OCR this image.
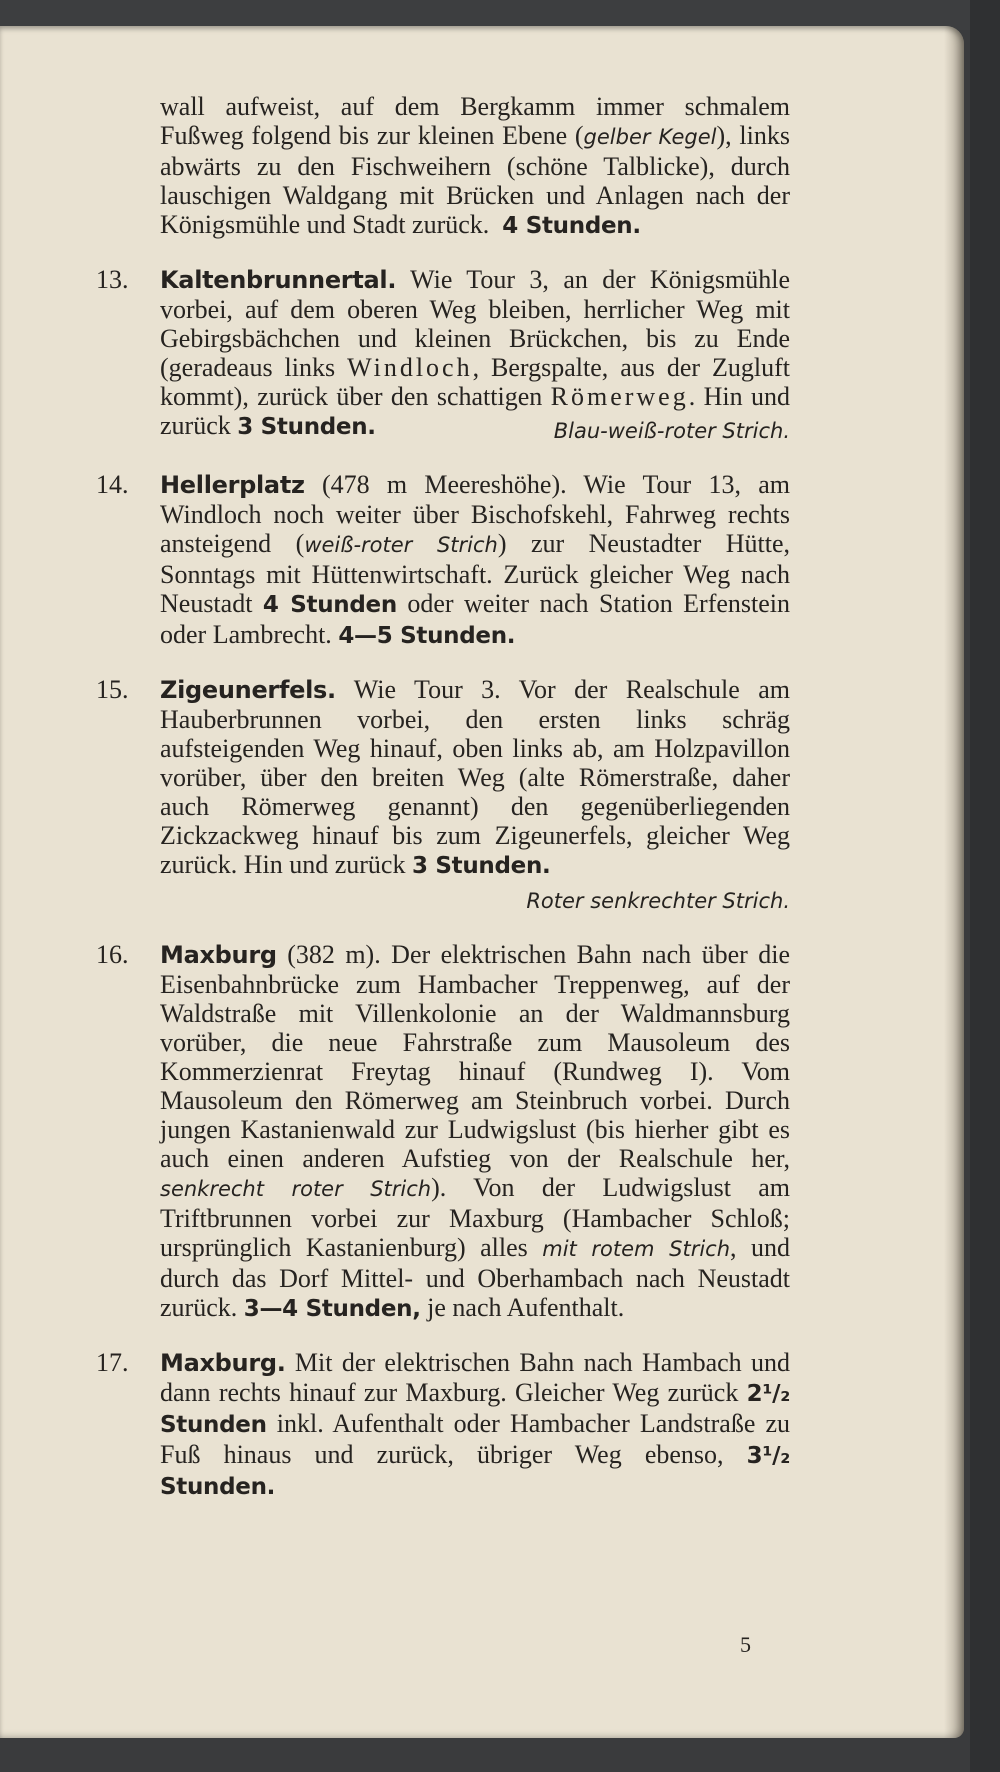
wall aufweist, auf dem Bergkamm immer schmalem Fußweg folgend bis zur kleinen Ebene (gelber Kegel), links abwärts zu den Fischweihern (schöne Talblicke), durch lauschigen Waldgang mit Brücken und Anlagen nach der Königsmühle und Stadt zurück. 4 Stunden.

13. Kaltenbrunnertal. Wie Tour 3, an der Königsmühle vorbei, auf dem oberen Weg bleiben, herrlicher Weg mit Gebirgsbächchen und kleinen Brückchen, bis zu Ende (geradeaus links Windloch, Bergspalte, aus der Zugluft kommt), zurück über den schattigen Römerweg. Hin und zurück 3 Stunden.	Blau-weiß-roter Strich.
14. Hellerplatz (478 m Meereshöhe). Wie Tour 13, am Windloch noch weiter über Bischofskehl, Fahrweg rechts ansteigend (weiß-roter Strich) zur Neustadter Hütte, Sonntags mit Hüttenwirtschaft. Zurück gleicher Weg nach Neustadt 4 Stunden oder weiter nach Station Erfenstein oder Lambrecht. 4—5 Stunden.
15. Zigeunerfels. Wie Tour 3. Vor der Realschule am Hauberbrunnen vorbei, den ersten links schräg aufsteigenden Weg hinauf, oben links ab, am Holzpavillon vorüber, über den breiten Weg (alte Römerstraße, daher auch Römerweg genannt) den gegenüberliegenden Zickzackweg hinauf bis zum Zigeunerfels, gleicher Weg zurück. Hin und zurück 3 Stunden.
Roter senkrechter Strich.
16. Maxburg (382 m). Der elektrischen Bahn nach über die Eisenbahnbrücke zum Hambacher Treppenweg, auf der Waldstraße mit Villenkolonie an der Waldmannsburg vorüber, die neue Fahrstraße zum Mausoleum des Kommerzienrat Freytag hinauf (Rundweg I). Vom Mausoleum den Römerweg am Steinbruch vorbei. Durch jungen Kastanienwald zur Ludwigslust (bis hierher gibt es auch einen anderen Aufstieg von der Realschule her, senkrecht roter Strich). Von der Ludwigslust am Triftbrunnen vorbei zur Maxburg (Hambacher Schloß; ursprünglich Kastanienburg) alles mit rotem Strich, und durch das Dorf Mittel- und Oberhambach nach Neustadt zurück. 3—4 Stunden, je nach Aufenthalt.
17. Maxburg. Mit der elektrischen Bahn nach Hambach und dann rechts hinauf zur Maxburg. Gleicher Weg zurück 2¹/₂ Stunden inkl. Aufenthalt oder Hambacher Landstraße zu Fuß hinaus und zurück, übriger Weg ebenso, 3¹/₂ Stunden.
5
